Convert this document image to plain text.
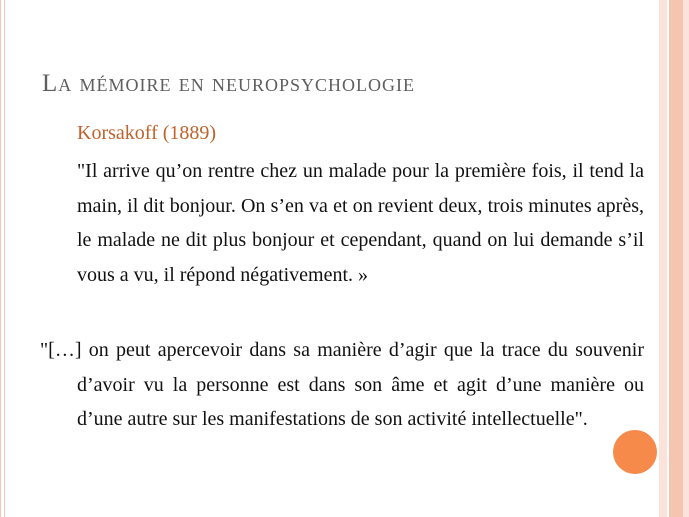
La mémoire en neuropsychologie
Korsakoff (1889)
"Il arrive qu’on rentre chez un malade pour la première fois, il tend la main, il dit bonjour. On s’en va et on revient deux, trois minutes après, le malade ne dit plus bonjour et cependant, quand on lui demande s’il vous a vu, il répond négativement. »
"[…] on peut apercevoir dans sa manière d’agir que la trace du souvenir d’avoir vu la personne est dans son âme et agit d’une manière ou d’une autre sur les manifestations de son activité intellectuelle".
